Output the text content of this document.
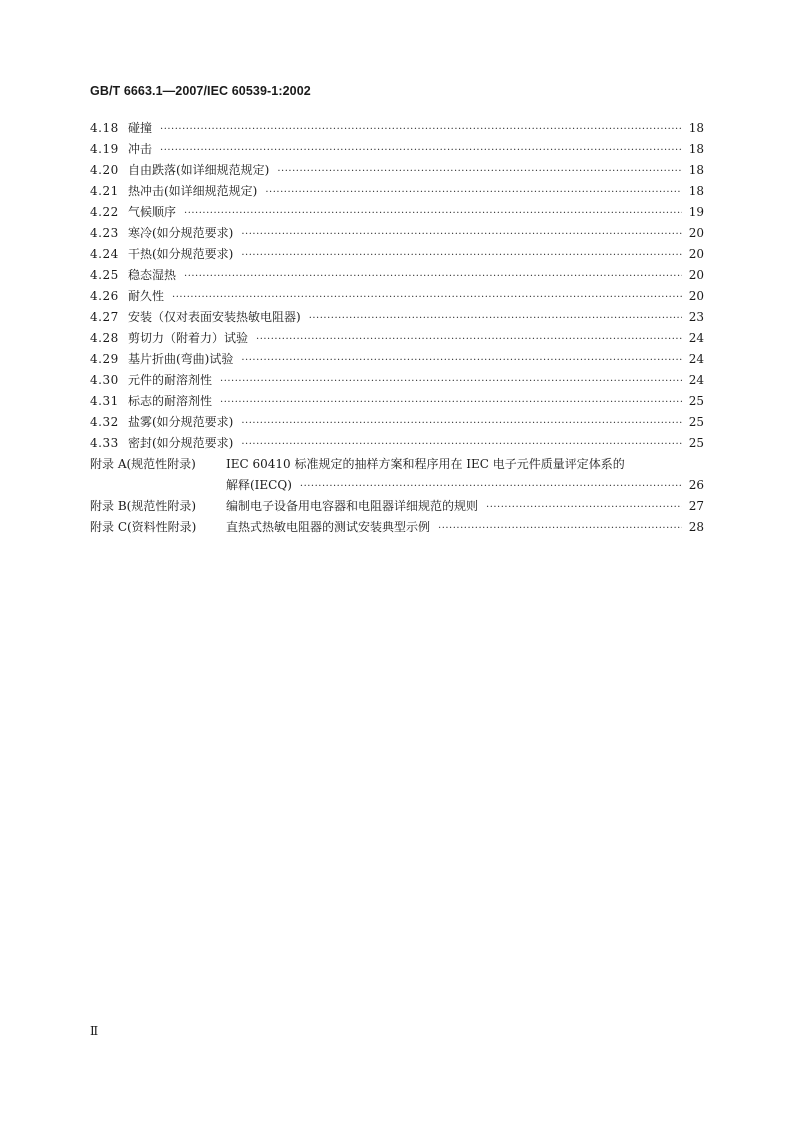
GB/T 6663.1—2007/IEC 60539-1:2002
4.18 碰撞 ·····	18
4.19 冲击 ·····	18
4.20 自由跌落(如详细规范规定) ·····	18
4.21 热冲击(如详细规范规定) ·····	18
4.22 气候顺序 ·····	19
4.23 寒冷(如分规范要求) ·····	20
4.24 干热(如分规范要求) ·····	20
4.25 稳态湿热 ·····	20
4.26 耐久性 ·····	20
4.27 安装（仅对表面安装热敏电阻器) ·····	23
4.28 剪切力（附着力）试验 ·····	24
4.29 基片折曲(弯曲)试验 ·····	24
4.30 元件的耐溶剂性 ·····	24
4.31 标志的耐溶剂性 ·····	25
4.32 盐雾(如分规范要求) ·····	25
4.33 密封(如分规范要求) ·····	25
附录 A(规范性附录)	IEC 60410 标准规定的抽样方案和程序用在 IEC 电子元件质量评定体系的
解释(IECQ) ·····	26
附录 B(规范性附录)	编制电子设备用电容器和电阻器详细规范的规则 ·····	27
附录 C(资料性附录)	直热式热敏电阻器的测试安装典型示例 ·····	28
Ⅱ
